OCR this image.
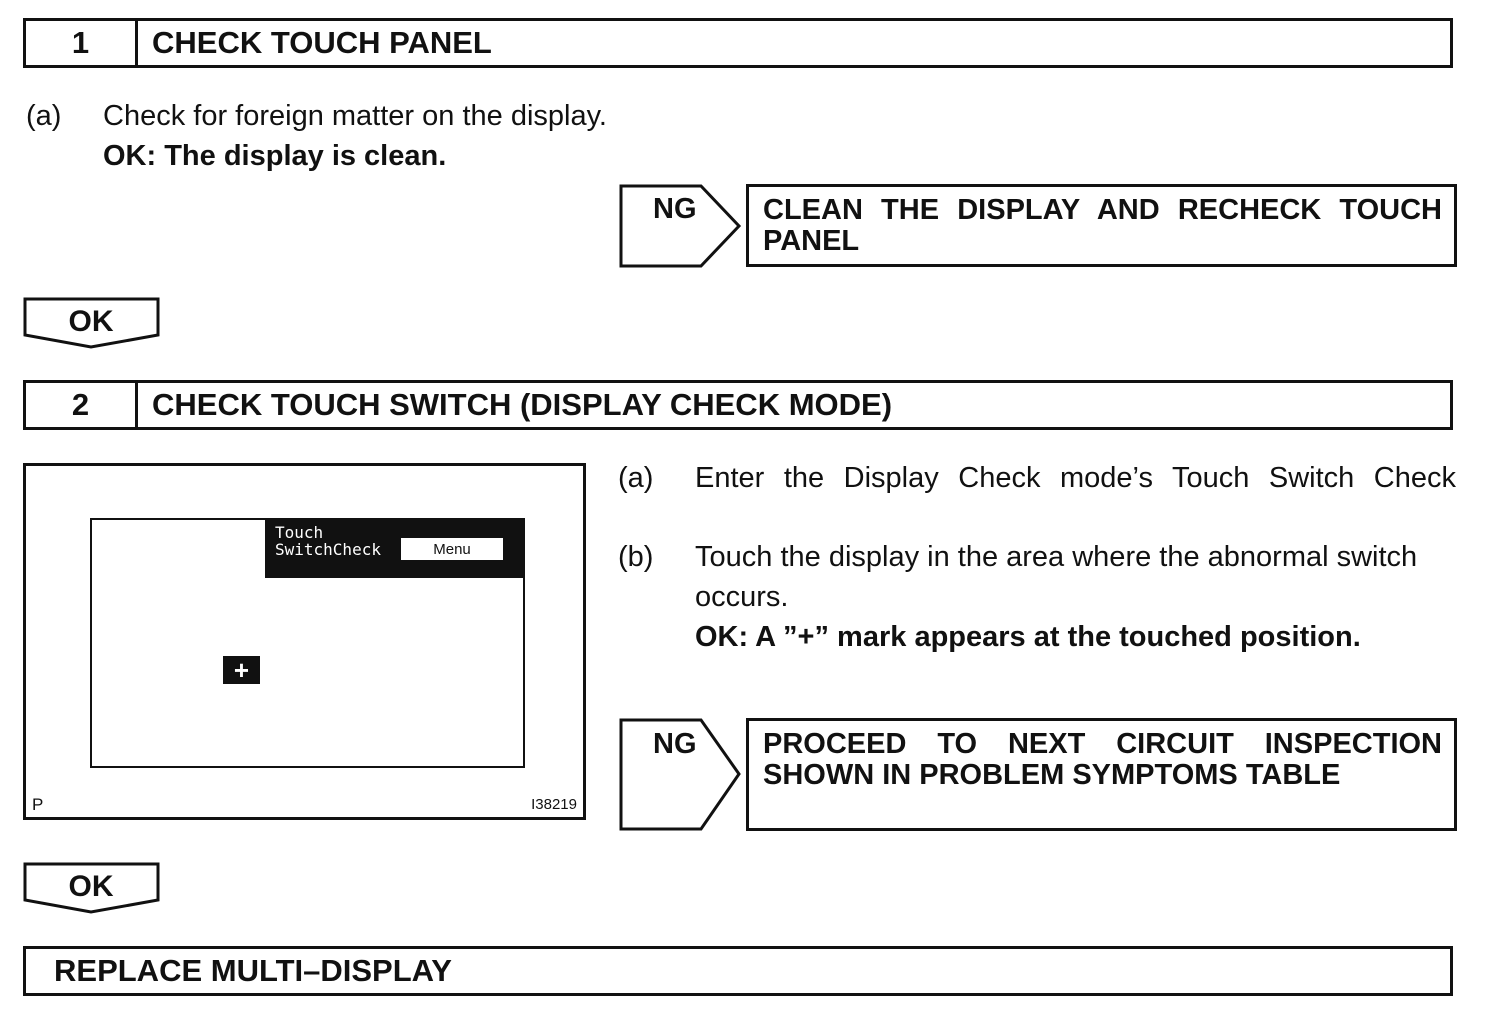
1	CHECK TOUCH PANEL
(a) Check for foreign matter on the display.
OK: The display is clean.
NG CLEAN THE DISPLAY AND RECHECK TOUCH
PANEL
OK
2	CHECK TOUCH SWITCH (DISPLAY CHECK MODE)
Touch
SwitchCheck	Menu
+
P	I38219
(a) Enter the Display Check mode’s Touch Switch Check
(b) Touch the display in the area where the abnormal switch
occurs.
OK: A ”+” mark appears at the touched position.
NG PROCEED TO NEXT CIRCUIT INSPECTION
SHOWN IN PROBLEM SYMPTOMS TABLE
OK
REPLACE MULTI–DISPLAY
